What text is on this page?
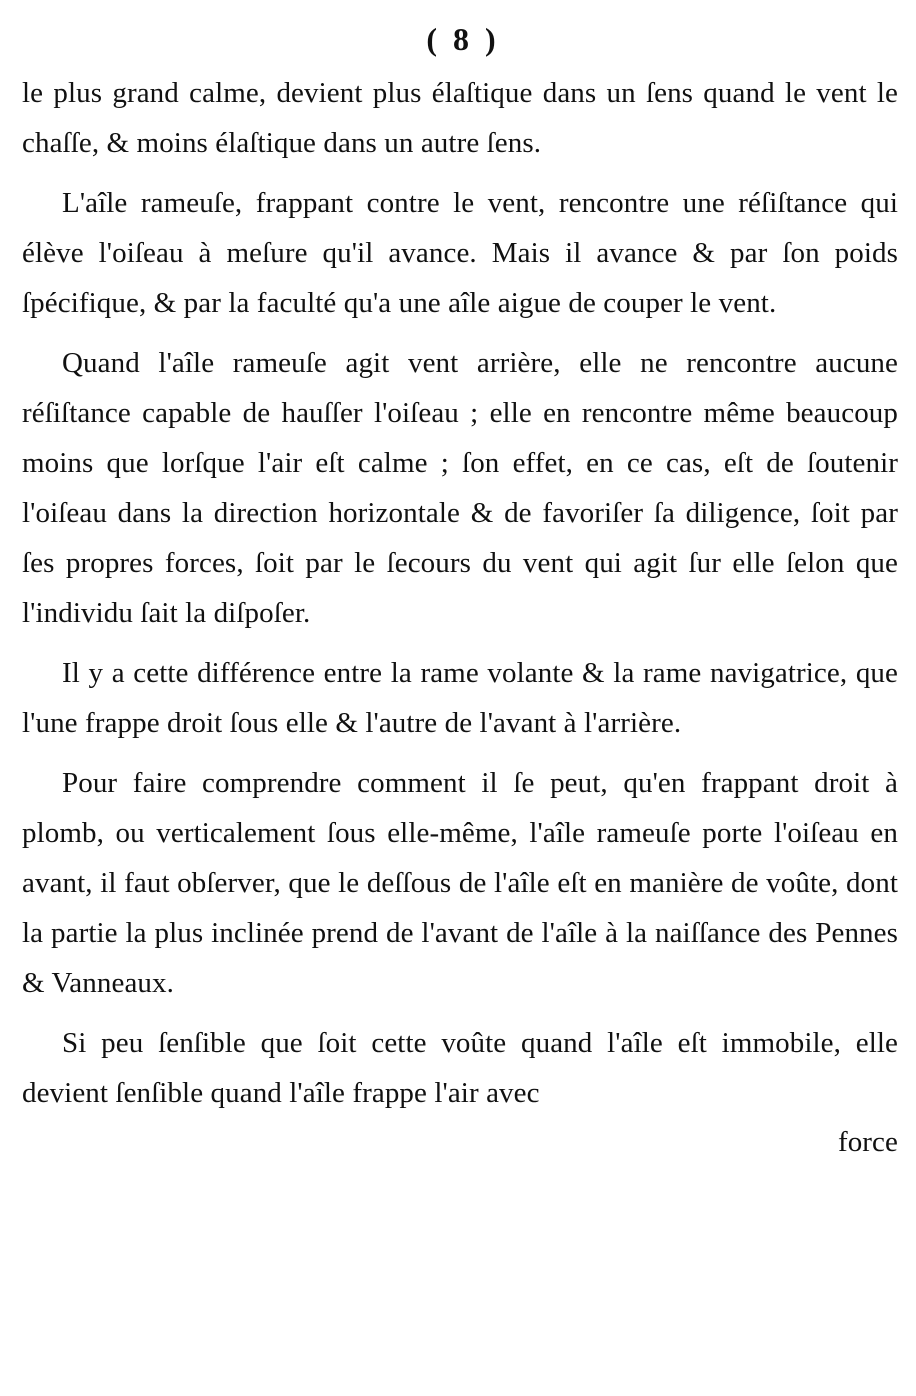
( 8 )

le plus grand calme, devient plus élaſtique dans un ſens quand le vent le chaſſe, & moins élaſtique dans un autre ſens.

L'aîle rameuſe, frappant contre le vent, rencontre une réſiſtance qui élève l'oiſeau à meſure qu'il avance. Mais il avance & par ſon poids ſpécifique, & par la faculté qu'a une aîle aigue de couper le vent.

Quand l'aîle rameuſe agit vent arrière, elle ne rencontre aucune réſiſtance capable de hauſſer l'oiſeau ; elle en rencontre même beaucoup moins que lorſque l'air eſt calme ; ſon effet, en ce cas, eſt de ſoutenir l'oiſeau dans la direction horizontale & de favoriſer ſa diligence, ſoit par ſes propres forces, ſoit par le ſecours du vent qui agit ſur elle ſelon que l'individu ſait la diſpoſer.

Il y a cette différence entre la rame volante & la rame navigatrice, que l'une frappe droit ſous elle & l'autre de l'avant à l'arrière.

Pour faire comprendre comment il ſe peut, qu'en frappant droit à plomb, ou verticalement ſous elle-même, l'aîle rameuſe porte l'oiſeau en avant, il faut obſerver, que le deſſous de l'aîle eſt en manière de voûte, dont la partie la plus inclinée prend de l'avant de l'aîle à la naiſſance des Pennes & Vanneaux.

Si peu ſenſible que ſoit cette voûte quand l'aîle eſt immobile, elle devient ſenſible quand l'aîle frappe l'air avec

force
